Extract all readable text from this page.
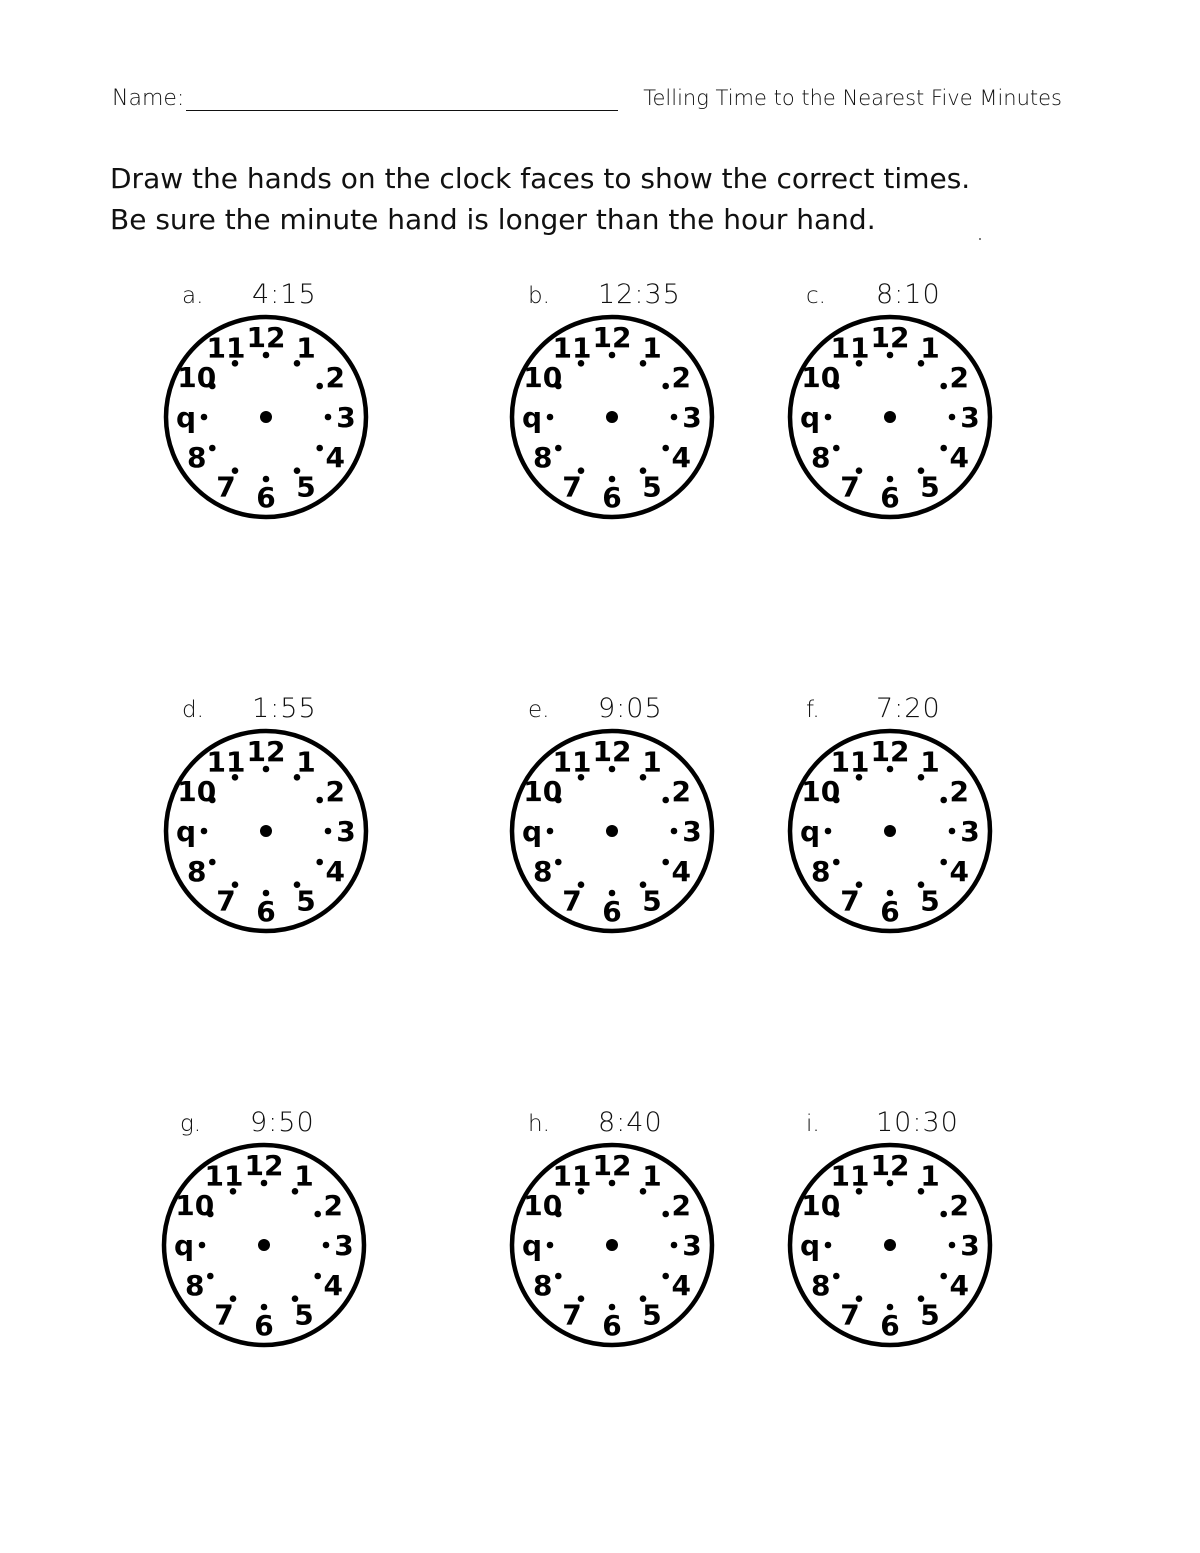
Name:	Telling Time to the Nearest Five Minutes
Draw the hands on the clock faces to show the correct times.
Be sure the minute hand is longer than the hour hand.
a. 4:15
12 1
2
3
4
5
6
7
8
q
10
11
b. 12:35
12 1
2
3
4
5
6
7
8
q
10
11
c. 8:10
12 1
2
3
4
5
6
7
8
q
10
11
d. 1:55
12 1
2
3
4
5
6
7
8
q
10
11
e. 9:05
12 1
2
3
4
5
6
7
8
q
10
11
f. 7:20
12 1
2
3
4
5
6
7
8
q
10
11
g. 9:50
12 1
2
3
4
5
6
7
8
q
10
11
h. 8:40
12 1
2
3
4
5
6
7
8
q
10
11
i. 10:30
12 1
2
3
4
5
6
7
8
q
10
11
